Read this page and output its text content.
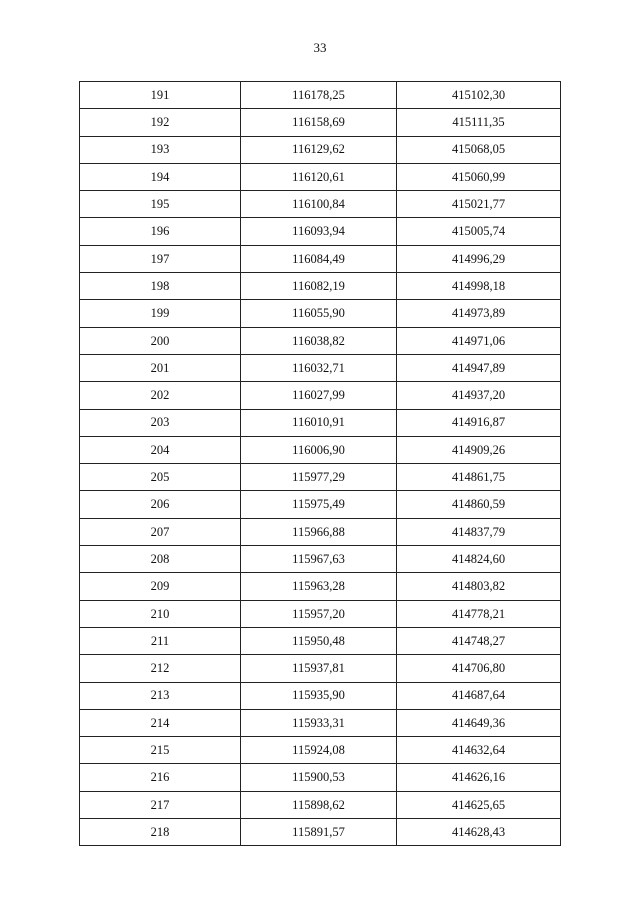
33
191	116178,25	415102,30
192	116158,69	415111,35
193	116129,62	415068,05
194	116120,61	415060,99
195	116100,84	415021,77
196	116093,94	415005,74
197	116084,49	414996,29
198	116082,19	414998,18
199	116055,90	414973,89
200	116038,82	414971,06
201	116032,71	414947,89
202	116027,99	414937,20
203	116010,91	414916,87
204	116006,90	414909,26
205	115977,29	414861,75
206	115975,49	414860,59
207	115966,88	414837,79
208	115967,63	414824,60
209	115963,28	414803,82
210	115957,20	414778,21
211	115950,48	414748,27
212	115937,81	414706,80
213	115935,90	414687,64
214	115933,31	414649,36
215	115924,08	414632,64
216	115900,53	414626,16
217	115898,62	414625,65
218	115891,57	414628,43
